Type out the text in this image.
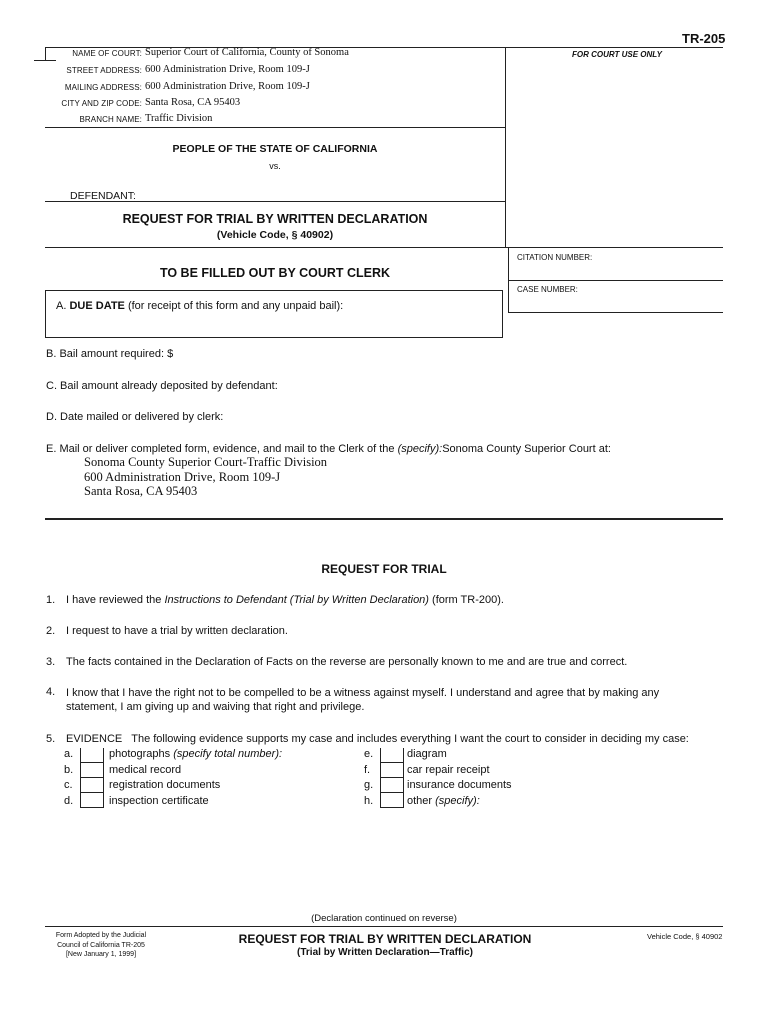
TR-205
FOR COURT USE ONLY
NAME OF COURT: Superior Court of California, County of Sonoma
STREET ADDRESS: 600 Administration Drive, Room 109-J
MAILING ADDRESS: 600 Administration Drive, Room 109-J
CITY AND ZIP CODE: Santa Rosa, CA 95403
BRANCH NAME: Traffic Division
PEOPLE OF THE STATE OF CALIFORNIA
vs.
DEFENDANT:
REQUEST FOR TRIAL BY WRITTEN DECLARATION
(Vehicle Code, § 40902)
CITATION NUMBER:
CASE NUMBER:
TO BE FILLED OUT BY COURT CLERK
A. DUE DATE (for receipt of this form and any unpaid bail):
B. Bail amount required: $
C. Bail amount already deposited by defendant:
D. Date mailed or delivered by clerk:
E. Mail or deliver completed form, evidence, and mail to the Clerk of the (specify):Sonoma County Superior Court at:
Sonoma County Superior Court-Traffic Division
600 Administration Drive, Room 109-J
Santa Rosa, CA 95403
REQUEST FOR TRIAL
1. I have reviewed the Instructions to Defendant (Trial by Written Declaration) (form TR-200).
2. I request to have a trial by written declaration.
3. The facts contained in the Declaration of Facts on the reverse are personally known to me and are true and correct.
4. I know that I have the right not to be compelled to be a witness against myself. I understand and agree that by making any
statement, I am giving up and waiving that right and privilege.
5. EVIDENCE The following evidence supports my case and includes everything I want the court to consider in deciding my case:
a.	photographs (specify total number):
b.	medical record
c.	registration documents
d.	inspection certificate
e.	diagram
f.	car repair receipt
g.	insurance documents
h.	other (specify):
(Declaration continued on reverse)
Form Adopted by the Judicial
Council of California TR-205
[New January 1, 1999]
REQUEST FOR TRIAL BY WRITTEN DECLARATION
(Trial by Written Declaration—Traffic)
Vehicle Code, § 40902
